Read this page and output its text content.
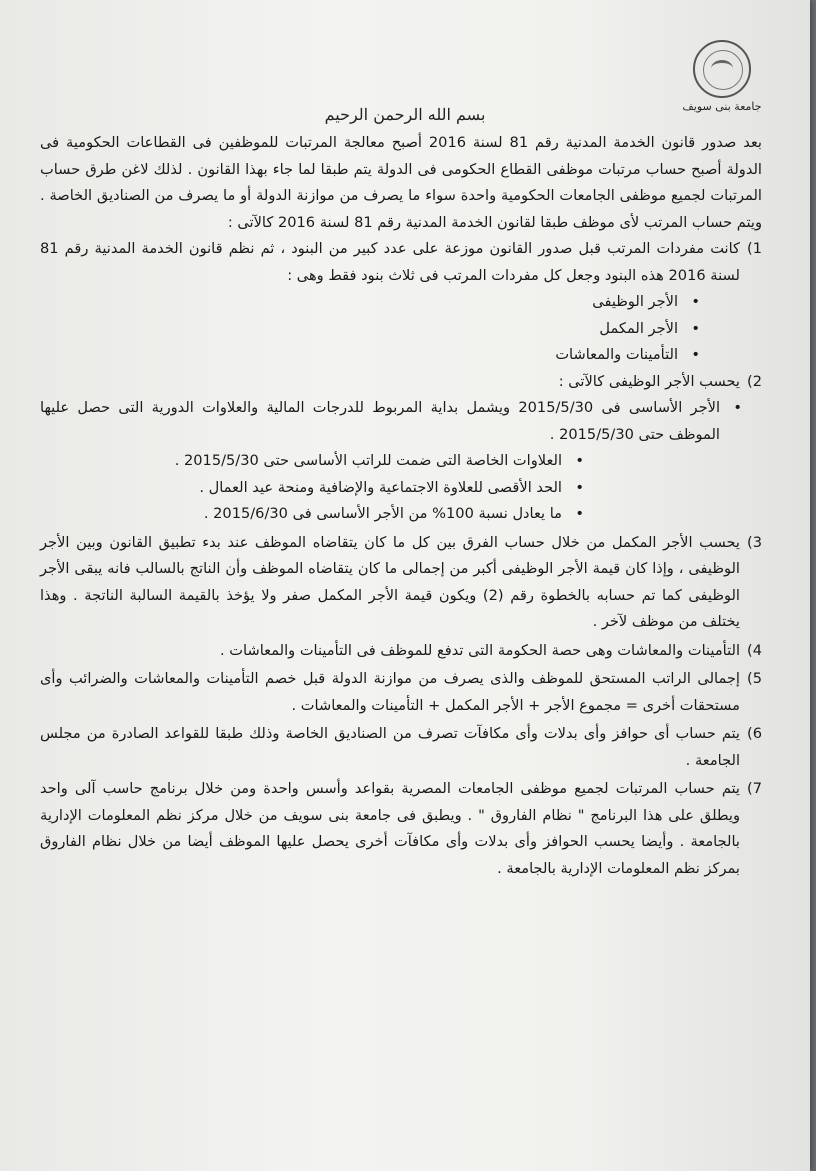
جامعة بنى سويف
بسم الله الرحمن الرحيم

بعد صدور قانون الخدمة المدنية رقم 81 لسنة 2016 أصبح معالجة المرتبات للموظفين فى القطاعات الحكومية فى الدولة أصبح حساب مرتبات موظفى القطاع الحكومى فى الدولة يتم طبقا لما جاء بهذا القانون . لذلك لاغن طرق حساب المرتبات لجميع موظفى الجامعات الحكومية واحدة سواء ما يصرف من موازنة الدولة أو ما يصرف من الصناديق الخاصة . ويتم حساب المرتب لأى موظف طبقا لقانون الخدمة المدنية رقم 81 لسنة 2016 كالآتى :

1)

كانت مفردات المرتب قبل صدور القانون موزعة على عدد كبير من البنود ، ثم نظم قانون الخدمة المدنية رقم 81 لسنة 2016 هذه البنود وجعل كل مفردات المرتب فى ثلاث بنود فقط وهى :

•
الأجر الوظيفى
•
الأجر المكمل
•
التأمينات والمعاشات
2)

يحسب الأجر الوظيفى كالآتى :

•
الأجر الأساسى فى 2015/5/30 ويشمل بداية المربوط للدرجات المالية والعلاوات الدورية التى حصل عليها الموظف حتى 2015/5/30 .
•
العلاوات الخاصة التى ضمت للراتب الأساسى حتى 2015/5/30 .
•
الحد الأقصى للعلاوة الاجتماعية والإضافية ومنحة عيد العمال .
•
ما يعادل نسبة 100% من الأجر الأساسى فى 2015/6/30 .
3)

يحسب الأجر المكمل من خلال حساب الفرق بين كل ما كان يتقاضاه الموظف عند بدء تطبيق القانون وبين الأجر الوظيفى ، وإذا كان قيمة الأجر الوظيفى أكبر من إجمالى ما كان يتقاضاه الموظف وأن الناتج بالسالب فانه يبقى الأجر الوظيفى كما تم حسابه بالخطوة رقم (2) ويكون قيمة الأجر المكمل صفر ولا يؤخذ بالقيمة السالبة الناتجة . وهذا يختلف من موظف لآخر .

4)

التأمينات والمعاشات وهى حصة الحكومة التى تدفع للموظف فى التأمينات والمعاشات .

5)

إجمالى الراتب المستحق للموظف والذى يصرف من موازنة الدولة قبل خصم التأمينات والمعاشات والضرائب وأى مستحقات أخرى = مجموع الأجر + الأجر المكمل + التأمينات والمعاشات .

6)

يتم حساب أى حوافز وأى بدلات وأى مكافآت تصرف من الصناديق الخاصة وذلك طبقا للقواعد الصادرة من مجلس الجامعة .

7)

يتم حساب المرتبات لجميع موظفى الجامعات المصرية بقواعد وأسس واحدة ومن خلال برنامج حاسب آلى واحد ويطلق على هذا البرنامج " نظام الفاروق " . ويطبق فى جامعة بنى سويف من خلال مركز نظم المعلومات الإدارية بالجامعة . وأيضا يحسب الحوافز وأى بدلات وأى مكافآت أخرى يحصل عليها الموظف أيضا من خلال نظام الفاروق بمركز نظم المعلومات الإدارية بالجامعة .
